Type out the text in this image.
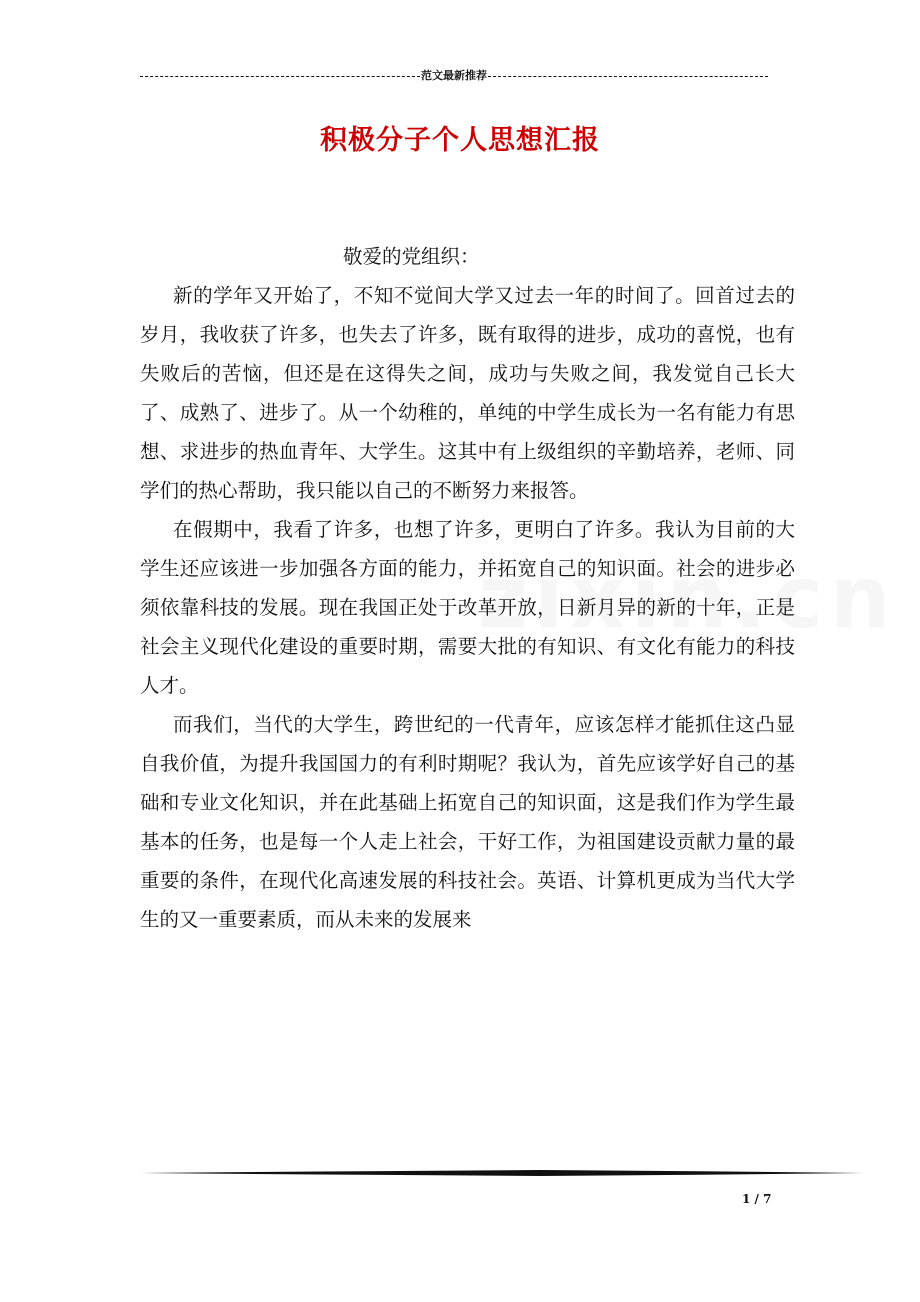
范文最新推荐
积极分子个人思想汇报

敬爱的党组织：

新的学年又开始了，不知不觉间大学又过去一年的时间了。回首过去的岁月，我收获了许多，也失去了许多，既有取得的进步，成功的喜悦，也有失败后的苦恼，但还是在这得失之间，成功与失败之间，我发觉自己长大了、成熟了、进步了。从一个幼稚的，单纯的中学生成长为一名有能力有思想、求进步的热血青年、大学生。这其中有上级组织的辛勤培养，老师、同学们的热心帮助，我只能以自己的不断努力来报答。

在假期中，我看了许多，也想了许多，更明白了许多。我认为目前的大学生还应该进一步加强各方面的能力，并拓宽自己的知识面。社会的进步必须依靠科技的发展。现在我国正处于改革开放，日新月异的新的十年，正是社会主义现代化建设的重要时期，需要大批的有知识、有文化有能力的科技人才。

而我们，当代的大学生，跨世纪的一代青年，应该怎样才能抓住这凸显自我价值，为提升我国国力的有利时期呢？我认为，首先应该学好自己的基础和专业文化知识，并在此基础上拓宽自己的知识面，这是我们作为学生最基本的任务，也是每一个人走上社会，干好工作，为祖国建设贡献力量的最重要的条件，在现代化高速发展的科技社会。英语、计算机更成为当代大学生的又一重要素质，而从未来的发展来

1 / 7
